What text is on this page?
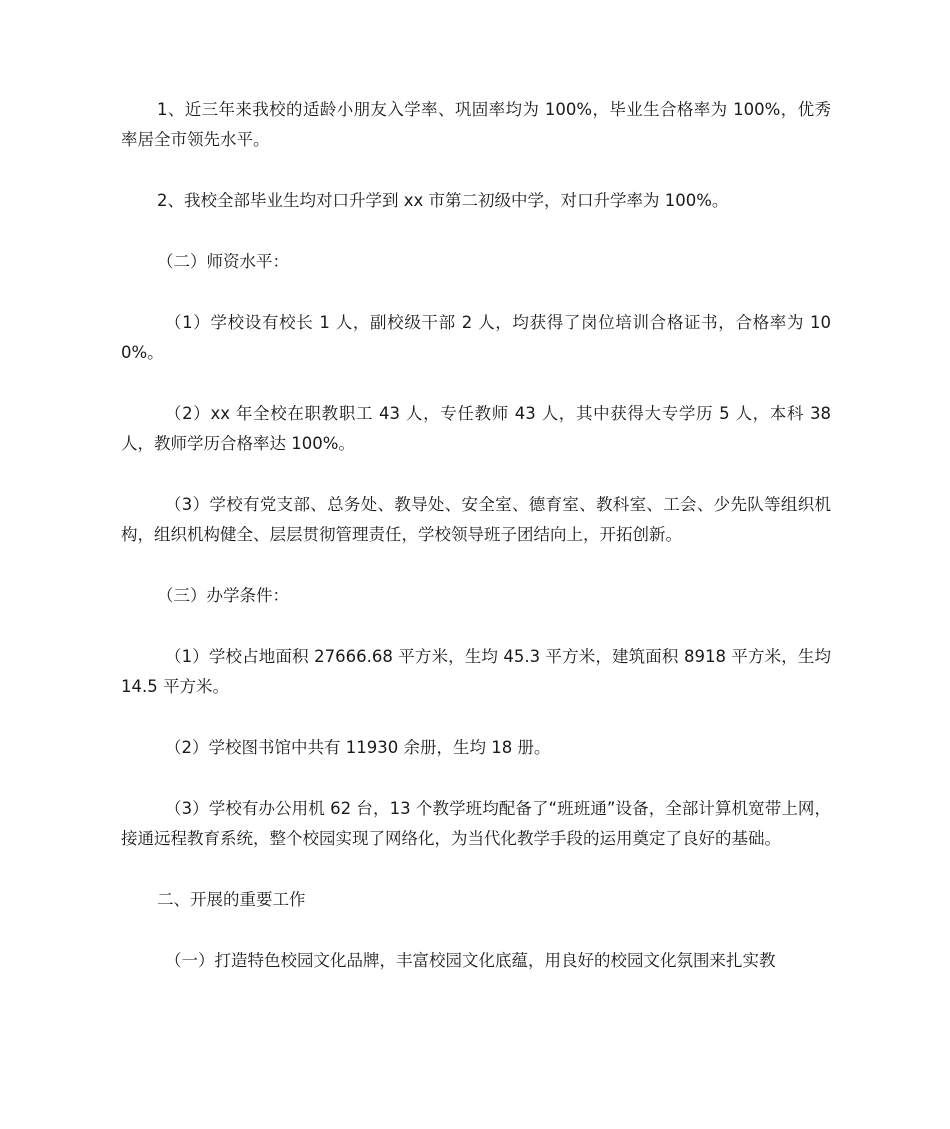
1、近三年来我校的适龄小朋友入学率、巩固率均为 100%，毕业生合格率为 100%，优秀率居全市领先水平。

2、我校全部毕业生均对口升学到 xx 市第二初级中学，对口升学率为 100%。

（二）师资水平：

（1）学校设有校长 1 人，副校级干部 2 人，均获得了岗位培训合格证书，合格率为 100%。

（2）xx 年全校在职教职工 43 人，专任教师 43 人，其中获得大专学历 5 人，本科 38 人，教师学历合格率达 100%。

（3）学校有党支部、总务处、教导处、安全室、德育室、教科室、工会、少先队等组织机构，组织机构健全、层层贯彻管理责任，学校领导班子团结向上，开拓创新。

（三）办学条件：

（1）学校占地面积 27666.68 平方米，生均 45.3 平方米，建筑面积 8918 平方米，生均 14.5 平方米。

（2）学校图书馆中共有 11930 余册，生均 18 册。

（3）学校有办公用机 62 台，13 个教学班均配备了“班班通”设备，全部计算机宽带上网，接通远程教育系统，整个校园实现了网络化，为当代化教学手段的运用奠定了良好的基础。

二、开展的重要工作

（一）打造特色校园文化品牌，丰富校园文化底蕴，用良好的校园文化氛围来扎实教
